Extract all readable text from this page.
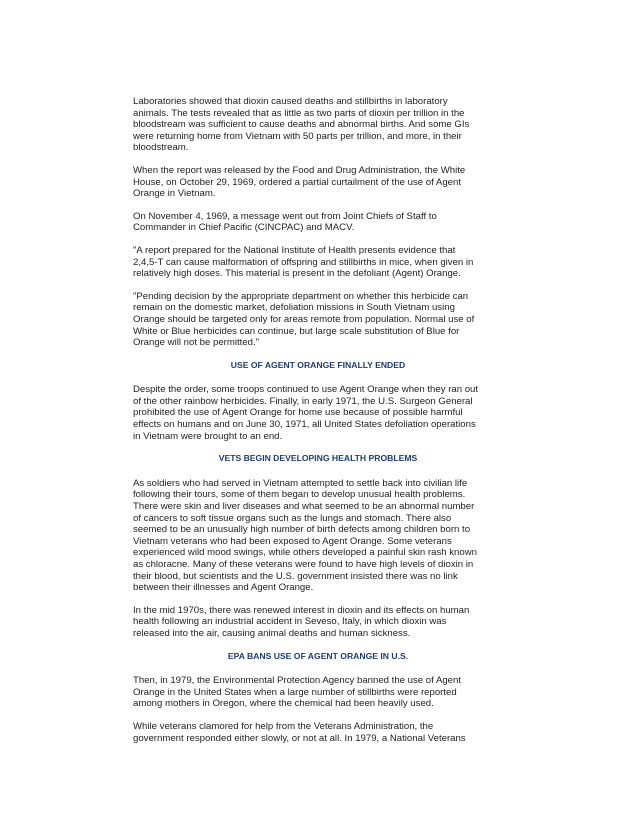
Laboratories showed that dioxin caused deaths and stillbirths in laboratory
animals. The tests revealed that as little as two parts of dioxin per trillion in the
bloodstream was sufficient to cause deaths and abnormal births. And some GIs
were returning home from Vietnam with 50 parts per trillion, and more, in their
bloodstream.

When the report was released by the Food and Drug Administration, the White
House, on October 29, 1969, ordered a partial curtailment of the use of Agent
Orange in Vietnam.

On November 4, 1969, a message went out from Joint Chiefs of Staff to
Commander in Chief Pacific (CINCPAC) and MACV.

"A report prepared for the National Institute of Health presents evidence that
2,4,5-T can cause malformation of offspring and stillbirths in mice, when given in
relatively high doses. This material is present in the defoliant (Agent) Orange.

"Pending decision by the appropriate department on whether this herbicide can
remain on the domestic market, defoliation missions in South Vietnam using
Orange should be targeted only for areas remote from population. Normal use of
White or Blue herbicides can continue, but large scale substitution of Blue for
Orange will not be permitted."

USE OF AGENT ORANGE FINALLY ENDED

Despite the order, some troops continued to use Agent Orange when they ran out
of the other rainbow herbicides. Finally, in early 1971, the U.S. Surgeon General
prohibited the use of Agent Orange for home use because of possible harmful
effects on humans and on June 30, 1971, all United States defoliation operations
in Vietnam were brought to an end.

VETS BEGIN DEVELOPING HEALTH PROBLEMS

As soldiers who had served in Vietnam attempted to settle back into civilian life
following their tours, some of them began to develop unusual health problems.
There were skin and liver diseases and what seemed to be an abnormal number
of cancers to soft tissue organs such as the lungs and stomach. There also
seemed to be an unusually high number of birth defects among children born to
Vietnam veterans who had been exposed to Agent Orange. Some veterans
experienced wild mood swings, while others developed a painful skin rash known
as chloracne. Many of these veterans were found to have high levels of dioxin in
their blood, but scientists and the U.S. government insisted there was no link
between their illnesses and Agent Orange.

In the mid 1970s, there was renewed interest in dioxin and its effects on human
health following an industrial accident in Seveso, Italy, in which dioxin was
released into the air, causing animal deaths and human sickness.

EPA BANS USE OF AGENT ORANGE IN U.S.

Then, in 1979, the Environmental Protection Agency banned the use of Agent
Orange in the United States when a large number of stillbirths were reported
among mothers in Oregon, where the chemical had been heavily used.

While veterans clamored for help from the Veterans Administration, the
government responded either slowly, or not at all. In 1979, a National Veterans
